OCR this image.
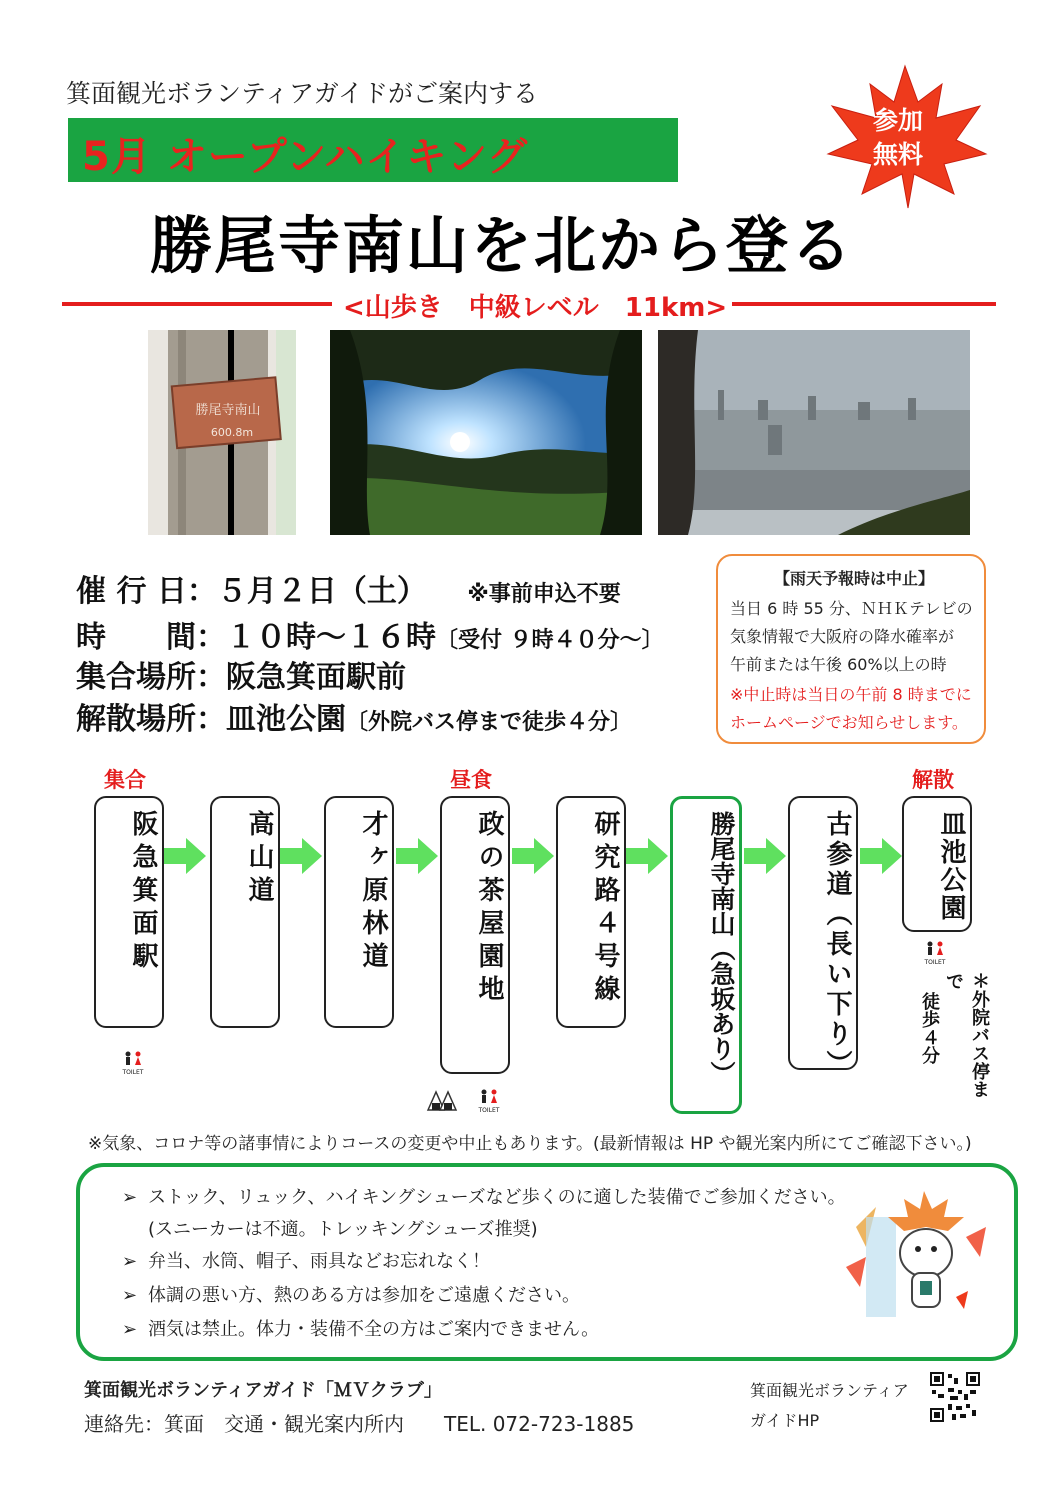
箕面観光ボランティアガイドがご案内する
5月 オープンハイキング
参加
無料
勝尾寺南山を北から登る
<山歩き　中級レベル　11km>
勝尾寺南山
600.8m
催 行 日：５月２日（土） ※事前申込不要
時　　間：１０時～１６時〔受付 ９時４０分～〕
集合場所：阪急箕面駅前
解散場所：皿池公園〔外院バス停まで徒歩４分〕
【雨天予報時は中止】
当日 6 時 55 分、ＮＨＫテレビの
気象情報で大阪府の降水確率が
午前または午後 60%以上の時
※中止時は当日の午前 8 時までに
ホームページでお知らせします。
集合	昼食	解散
阪急箕面駅	高山道	才ヶ原林道	政の茶屋園地	研究路４号線	勝尾寺南山（急坂あり）	古参道（長い下り）	皿池公園
TOILET
TOILET
TOILET
＊外院バス停まで
徒歩４分
※気象、コロナ等の諸事情によりコースの変更や中止もあります。(最新情報は HP や観光案内所にてご確認下さい。)
➢ ストック、リュック、ハイキングシューズなど歩くのに適した装備でご参加ください。
(スニーカーは不適。トレッキングシューズ推奨)
➢ 弁当、水筒、帽子、雨具などお忘れなく！
➢ 体調の悪い方、熱のある方は参加をご遠慮ください。
➢ 酒気は禁止。体力・装備不全の方はご案内できません。
箕面観光ボランティアガイド「ＭＶクラブ」
連絡先：箕面　交通・観光案内所内　　TEL. 072-723-1885
箕面観光ボランティア
ガイドHP
